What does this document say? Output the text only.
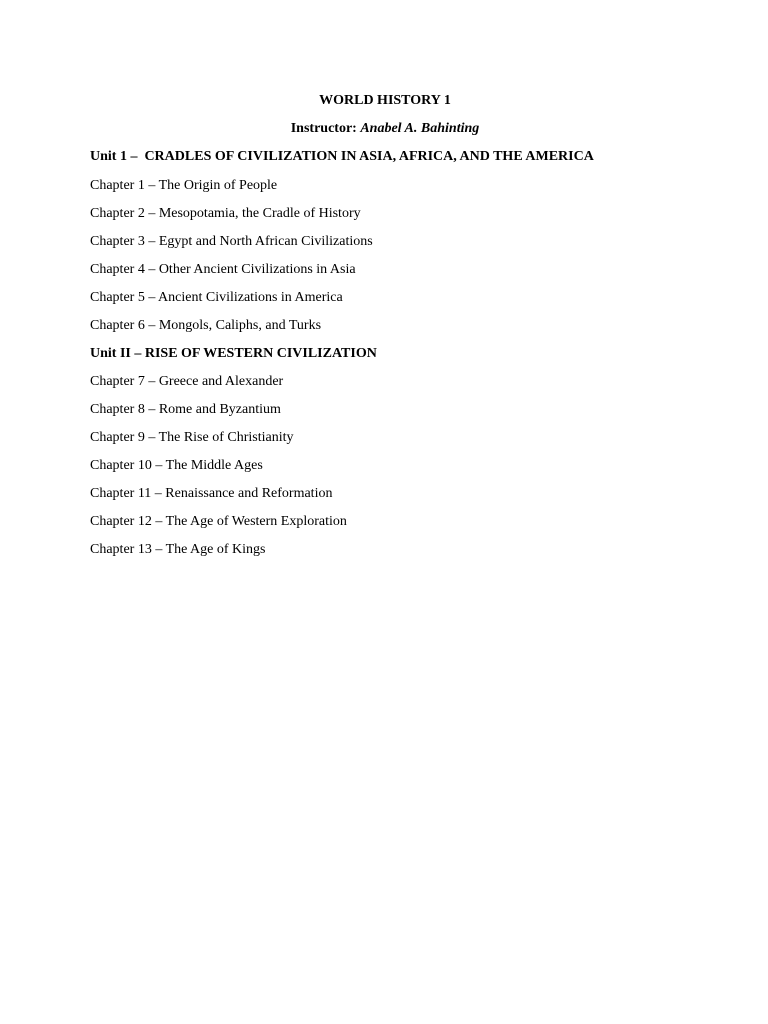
WORLD HISTORY 1
Instructor: Anabel A. Bahinting
Unit 1 –  CRADLES OF CIVILIZATION IN ASIA, AFRICA, AND THE AMERICA
Chapter 1 – The Origin of People
Chapter 2 – Mesopotamia, the Cradle of History
Chapter 3 – Egypt and North African Civilizations
Chapter 4 – Other Ancient Civilizations in Asia
Chapter 5 – Ancient Civilizations in America
Chapter 6 – Mongols, Caliphs, and Turks
Unit II – RISE OF WESTERN CIVILIZATION
Chapter 7 – Greece and Alexander
Chapter 8 – Rome and Byzantium
Chapter 9 – The Rise of Christianity
Chapter 10 – The Middle Ages
Chapter 11 – Renaissance and Reformation
Chapter 12 – The Age of Western Exploration
Chapter 13 – The Age of Kings
